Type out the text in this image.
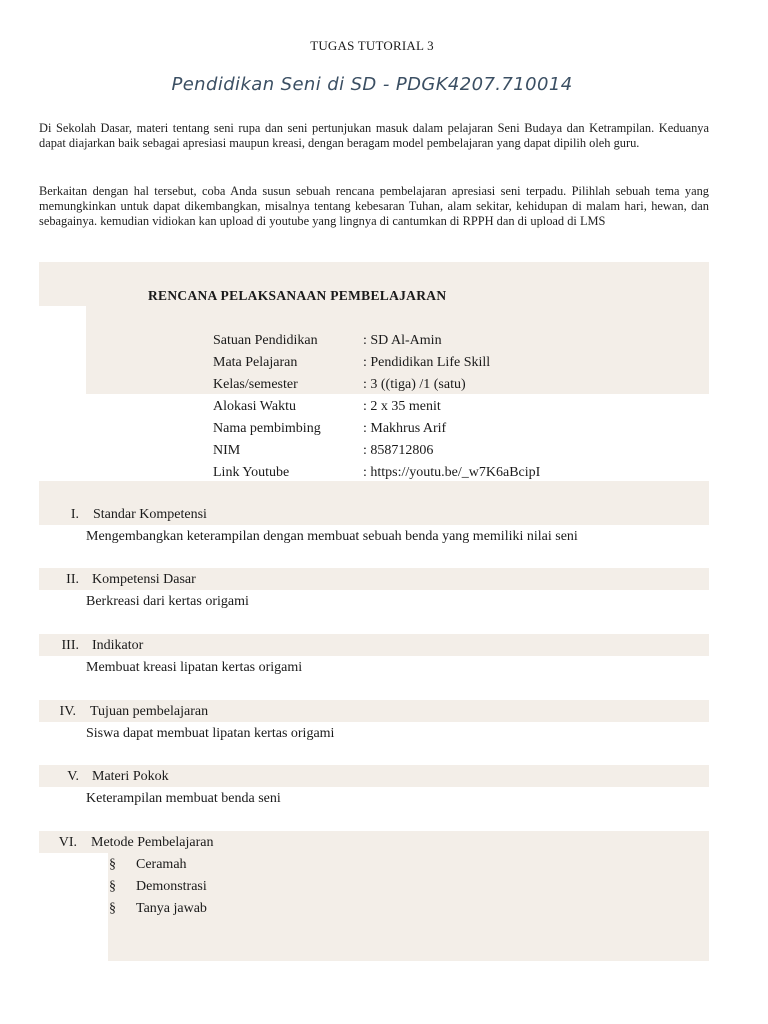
TUGAS TUTORIAL 3
Pendidikan Seni di SD - PDGK4207.710014
Di Sekolah Dasar, materi tentang seni rupa dan seni pertunjukan masuk dalam pelajaran Seni Budaya dan Ketrampilan. Keduanya dapat diajarkan baik sebagai apresiasi maupun kreasi, dengan beragam model pembelajaran yang dapat dipilih oleh guru.
Berkaitan dengan hal tersebut, coba Anda susun sebuah rencana pembelajaran apresiasi seni terpadu. Pilihlah sebuah tema yang memungkinkan untuk dapat dikembangkan, misalnya tentang kebesaran Tuhan, alam sekitar, kehidupan di malam hari, hewan, dan sebagainya. kemudian vidiokan kan upload di youtube yang lingnya di cantumkan di RPPH dan di upload di LMS
RENCANA PELAKSANAAN PEMBELAJARAN
Satuan Pendidikan	: SD Al-Amin
Mata Pelajaran	: Pendidikan Life Skill
Kelas/semester	: 3 ((tiga) /1 (satu)
Alokasi Waktu	: 2 x 35 menit
Nama pembimbing	: Makhrus Arif
NIM	: 858712806
Link Youtube	: https://youtu.be/_w7K6aBcipI
I. Standar Kompetensi
Mengembangkan keterampilan dengan membuat sebuah benda yang memiliki nilai seni
II. Kompetensi Dasar
Berkreasi dari kertas origami
III. Indikator
Membuat kreasi lipatan kertas origami
IV. Tujuan pembelajaran
Siswa dapat membuat lipatan kertas origami
V. Materi Pokok
Keterampilan membuat benda seni
VI. Metode Pembelajaran
§ Ceramah
§ Demonstrasi
§ Tanya jawab
